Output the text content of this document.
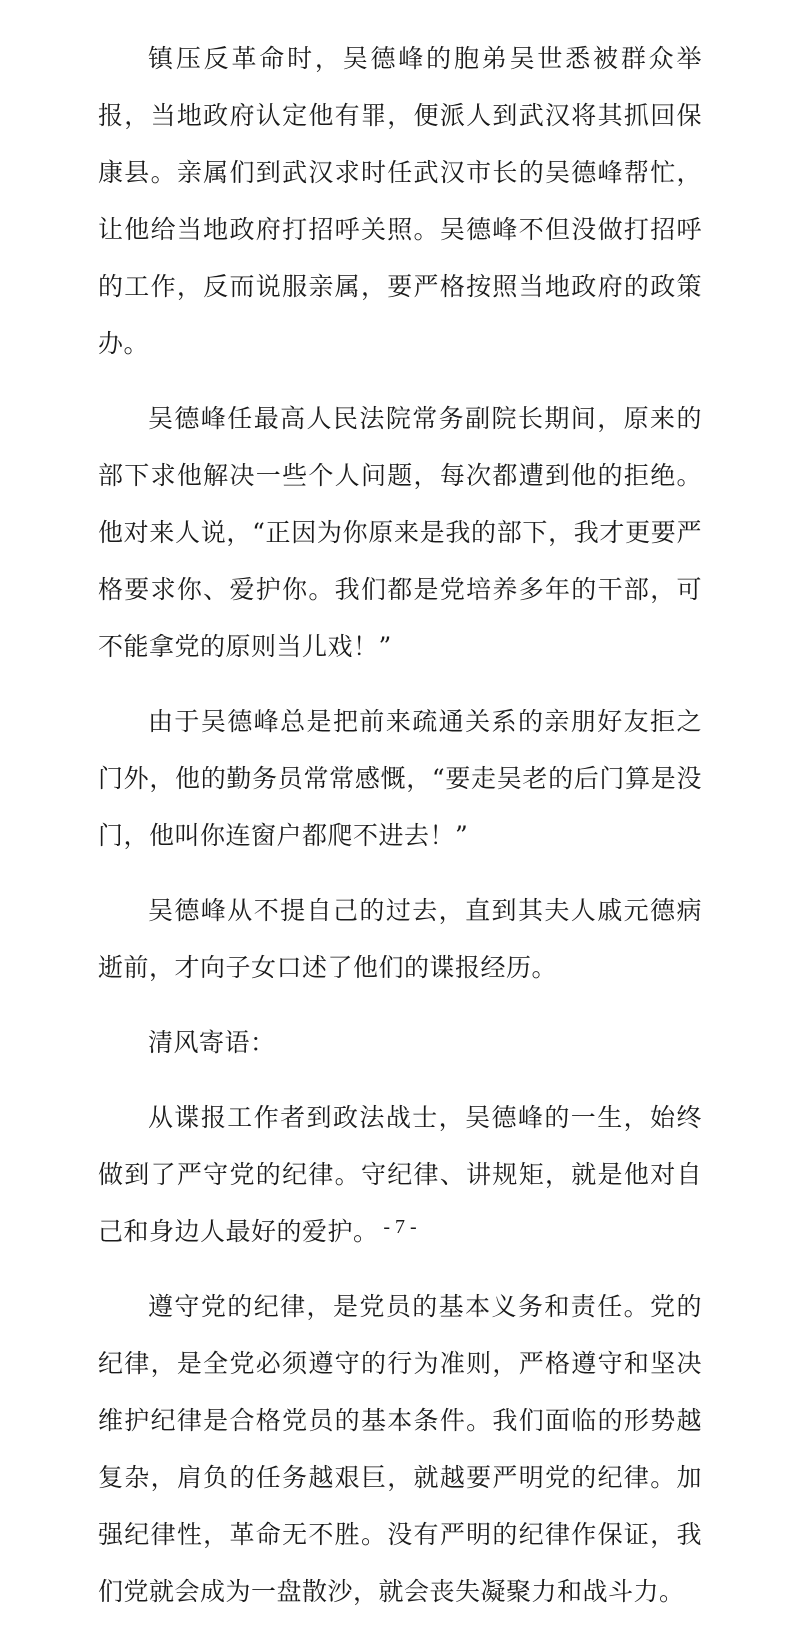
镇压反革命时，吴德峰的胞弟吴世悉被群众举报，当地政府认定他有罪，便派人到武汉将其抓回保康县。亲属们到武汉求时任武汉市长的吴德峰帮忙，让他给当地政府打招呼关照。吴德峰不但没做打招呼的工作，反而说服亲属，要严格按照当地政府的政策办。

吴德峰任最高人民法院常务副院长期间，原来的部下求他解决一些个人问题，每次都遭到他的拒绝。他对来人说，“正因为你原来是我的部下，我才更要严格要求你、爱护你。我们都是党培养多年的干部，可不能拿党的原则当儿戏！”

由于吴德峰总是把前来疏通关系的亲朋好友拒之门外，他的勤务员常常感慨，“要走吴老的后门算是没门，他叫你连窗户都爬不进去！”

吴德峰从不提自己的过去，直到其夫人戚元德病逝前，才向子女口述了他们的谍报经历。

清风寄语：

从谍报工作者到政法战士，吴德峰的一生，始终做到了严守党的纪律。守纪律、讲规矩，就是他对自己和身边人最好的爱护。

遵守党的纪律，是党员的基本义务和责任。党的纪律，是全党必须遵守的行为准则，严格遵守和坚决维护纪律是合格党员的基本条件。我们面临的形势越复杂，肩负的任务越艰巨，就越要严明党的纪律。加强纪律性，革命无不胜。没有严明的纪律作保证，我们党就会成为一盘散沙，就会丧失凝聚力和战斗力。

- 7 -
